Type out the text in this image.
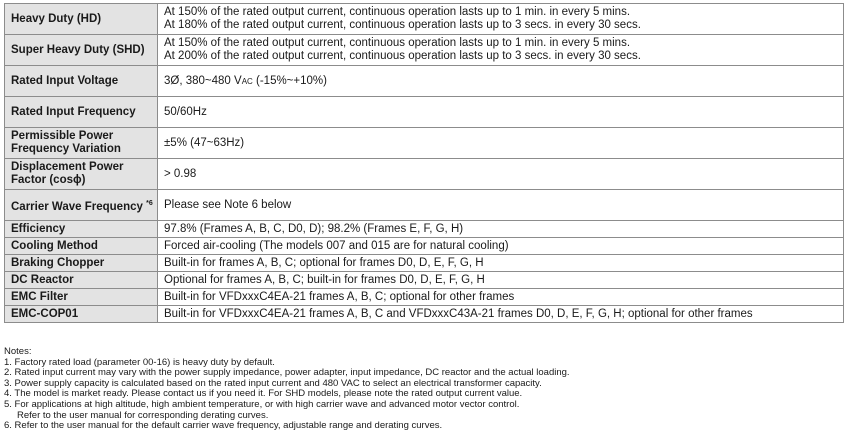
Heavy Duty (HD)	At 150% of the rated output current, continuous operation lasts up to 1 min. in every 5 mins.
At 180% of the rated output current, continuous operation lasts up to 3 secs. in every 30 secs.

Super Heavy Duty (SHD)	At 150% of the rated output current, continuous operation lasts up to 1 min. in every 5 mins.
At 200% of the rated output current, continuous operation lasts up to 3 secs. in every 30 secs.

Rated Input Voltage	3Ø, 380~480 VAC (-15%~+10%)
Rated Input Frequency	50/60Hz
Permissible Power Frequency Variation	±5% (47~63Hz)
Displacement Power Factor (cosϕ)	> 0.98
Carrier Wave Frequency $^{*6}$	Please see Note 6 below
Efficiency	97.8% (Frames A, B, C, D0, D); 98.2% (Frames E, F, G, H)
Cooling Method	Forced air-cooling (The models 007 and 015 are for natural cooling)
Braking Chopper	Built-in for frames A, B, C; optional for frames D0, D, E, F, G, H
DC Reactor	Optional for frames A, B, C; built-in for frames D0, D, E, F, G, H
EMC Filter	Built-in for VFDxxxC4EA-21 frames A, B, C; optional for other frames
EMC-COP01	Built-in for VFDxxxC4EA-21 frames A, B, C and VFDxxxC43A-21 frames D0, D, E, F, G, H; optional for other frames
Notes:
1. Factory rated load (parameter 00-16) is heavy duty by default.
2. Rated input current may vary with the power supply impedance, power adapter, input impedance, DC reactor and the actual loading.
3. Power supply capacity is calculated based on the rated input current and 480 VAC to select an electrical transformer capacity.
4. The model is market ready. Please contact us if you need it. For SHD models, please note the rated output current value.
5. For applications at high altitude, high ambient temperature, or with high carrier wave and advanced motor vector control.
Refer to the user manual for corresponding derating curves.
6. Refer to the user manual for the default carrier wave frequency, adjustable range and derating curves.
